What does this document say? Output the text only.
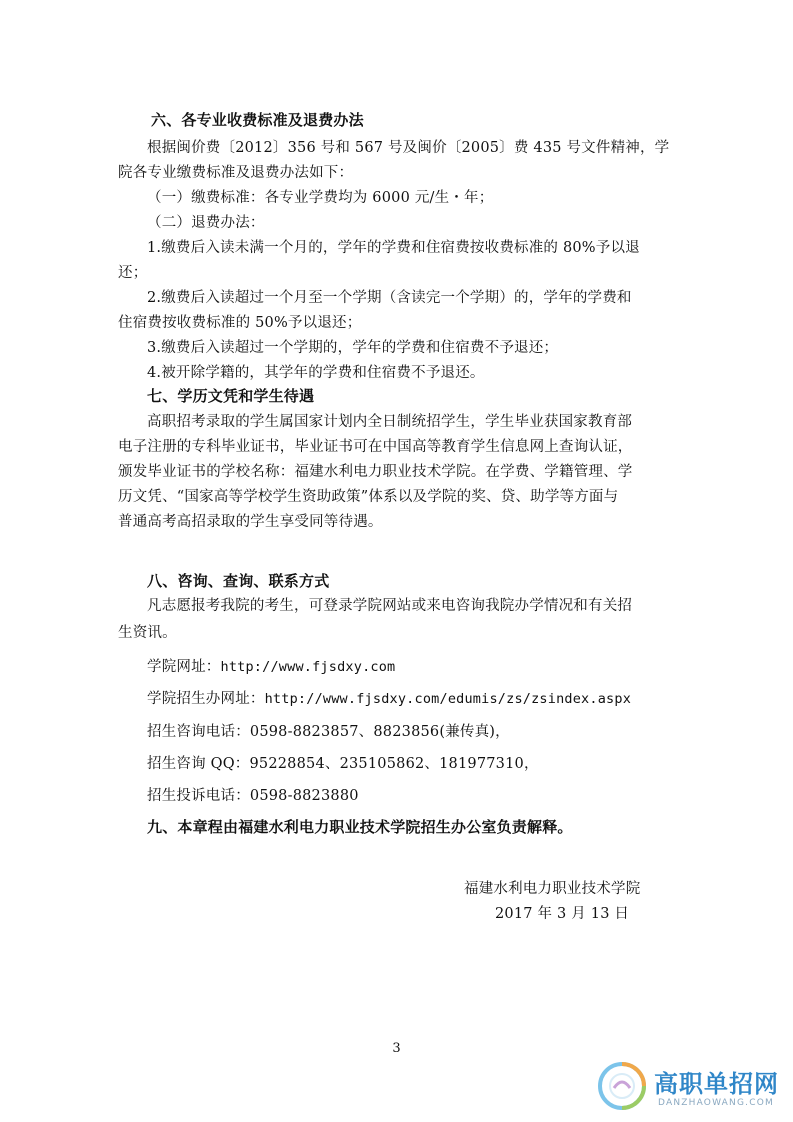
六、各专业收费标准及退费办法
根据闽价费〔2012〕356 号和 567 号及闽价〔2005〕费 435 号文件精神，学
院各专业缴费标准及退费办法如下：
（一）缴费标准：各专业学费均为 6000 元/生・年；
（二）退费办法：
1.缴费后入读未满一个月的，学年的学费和住宿费按收费标准的 80%予以退
还；
2.缴费后入读超过一个月至一个学期（含读完一个学期）的，学年的学费和
住宿费按收费标准的 50%予以退还；
3.缴费后入读超过一个学期的，学年的学费和住宿费不予退还；
4.被开除学籍的，其学年的学费和住宿费不予退还。
七、学历文凭和学生待遇
高职招考录取的学生属国家计划内全日制统招学生，学生毕业获国家教育部
电子注册的专科毕业证书，毕业证书可在中国高等教育学生信息网上查询认证，
颁发毕业证书的学校名称：福建水利电力职业技术学院。在学费、学籍管理、学
历文凭、“国家高等学校学生资助政策”体系以及学院的奖、贷、助学等方面与
普通高考高招录取的学生享受同等待遇。
八、咨询、查询、联系方式
凡志愿报考我院的考生，可登录学院网站或来电咨询我院办学情况和有关招
生资讯。
学院网址：http://www.fjsdxy.com
学院招生办网址：http://www.fjsdxy.com/edumis/zs/zsindex.aspx
招生咨询电话：0598-8823857、8823856(兼传真)，
招生咨询 QQ：95228854、235105862、181977310，
招生投诉电话：0598-8823880
九、本章程由福建水利电力职业技术学院招生办公室负责解释。
福建水利电力职业技术学院
2017 年 3 月 13 日
3
高职单招网
DANZHAOWANG.COM
